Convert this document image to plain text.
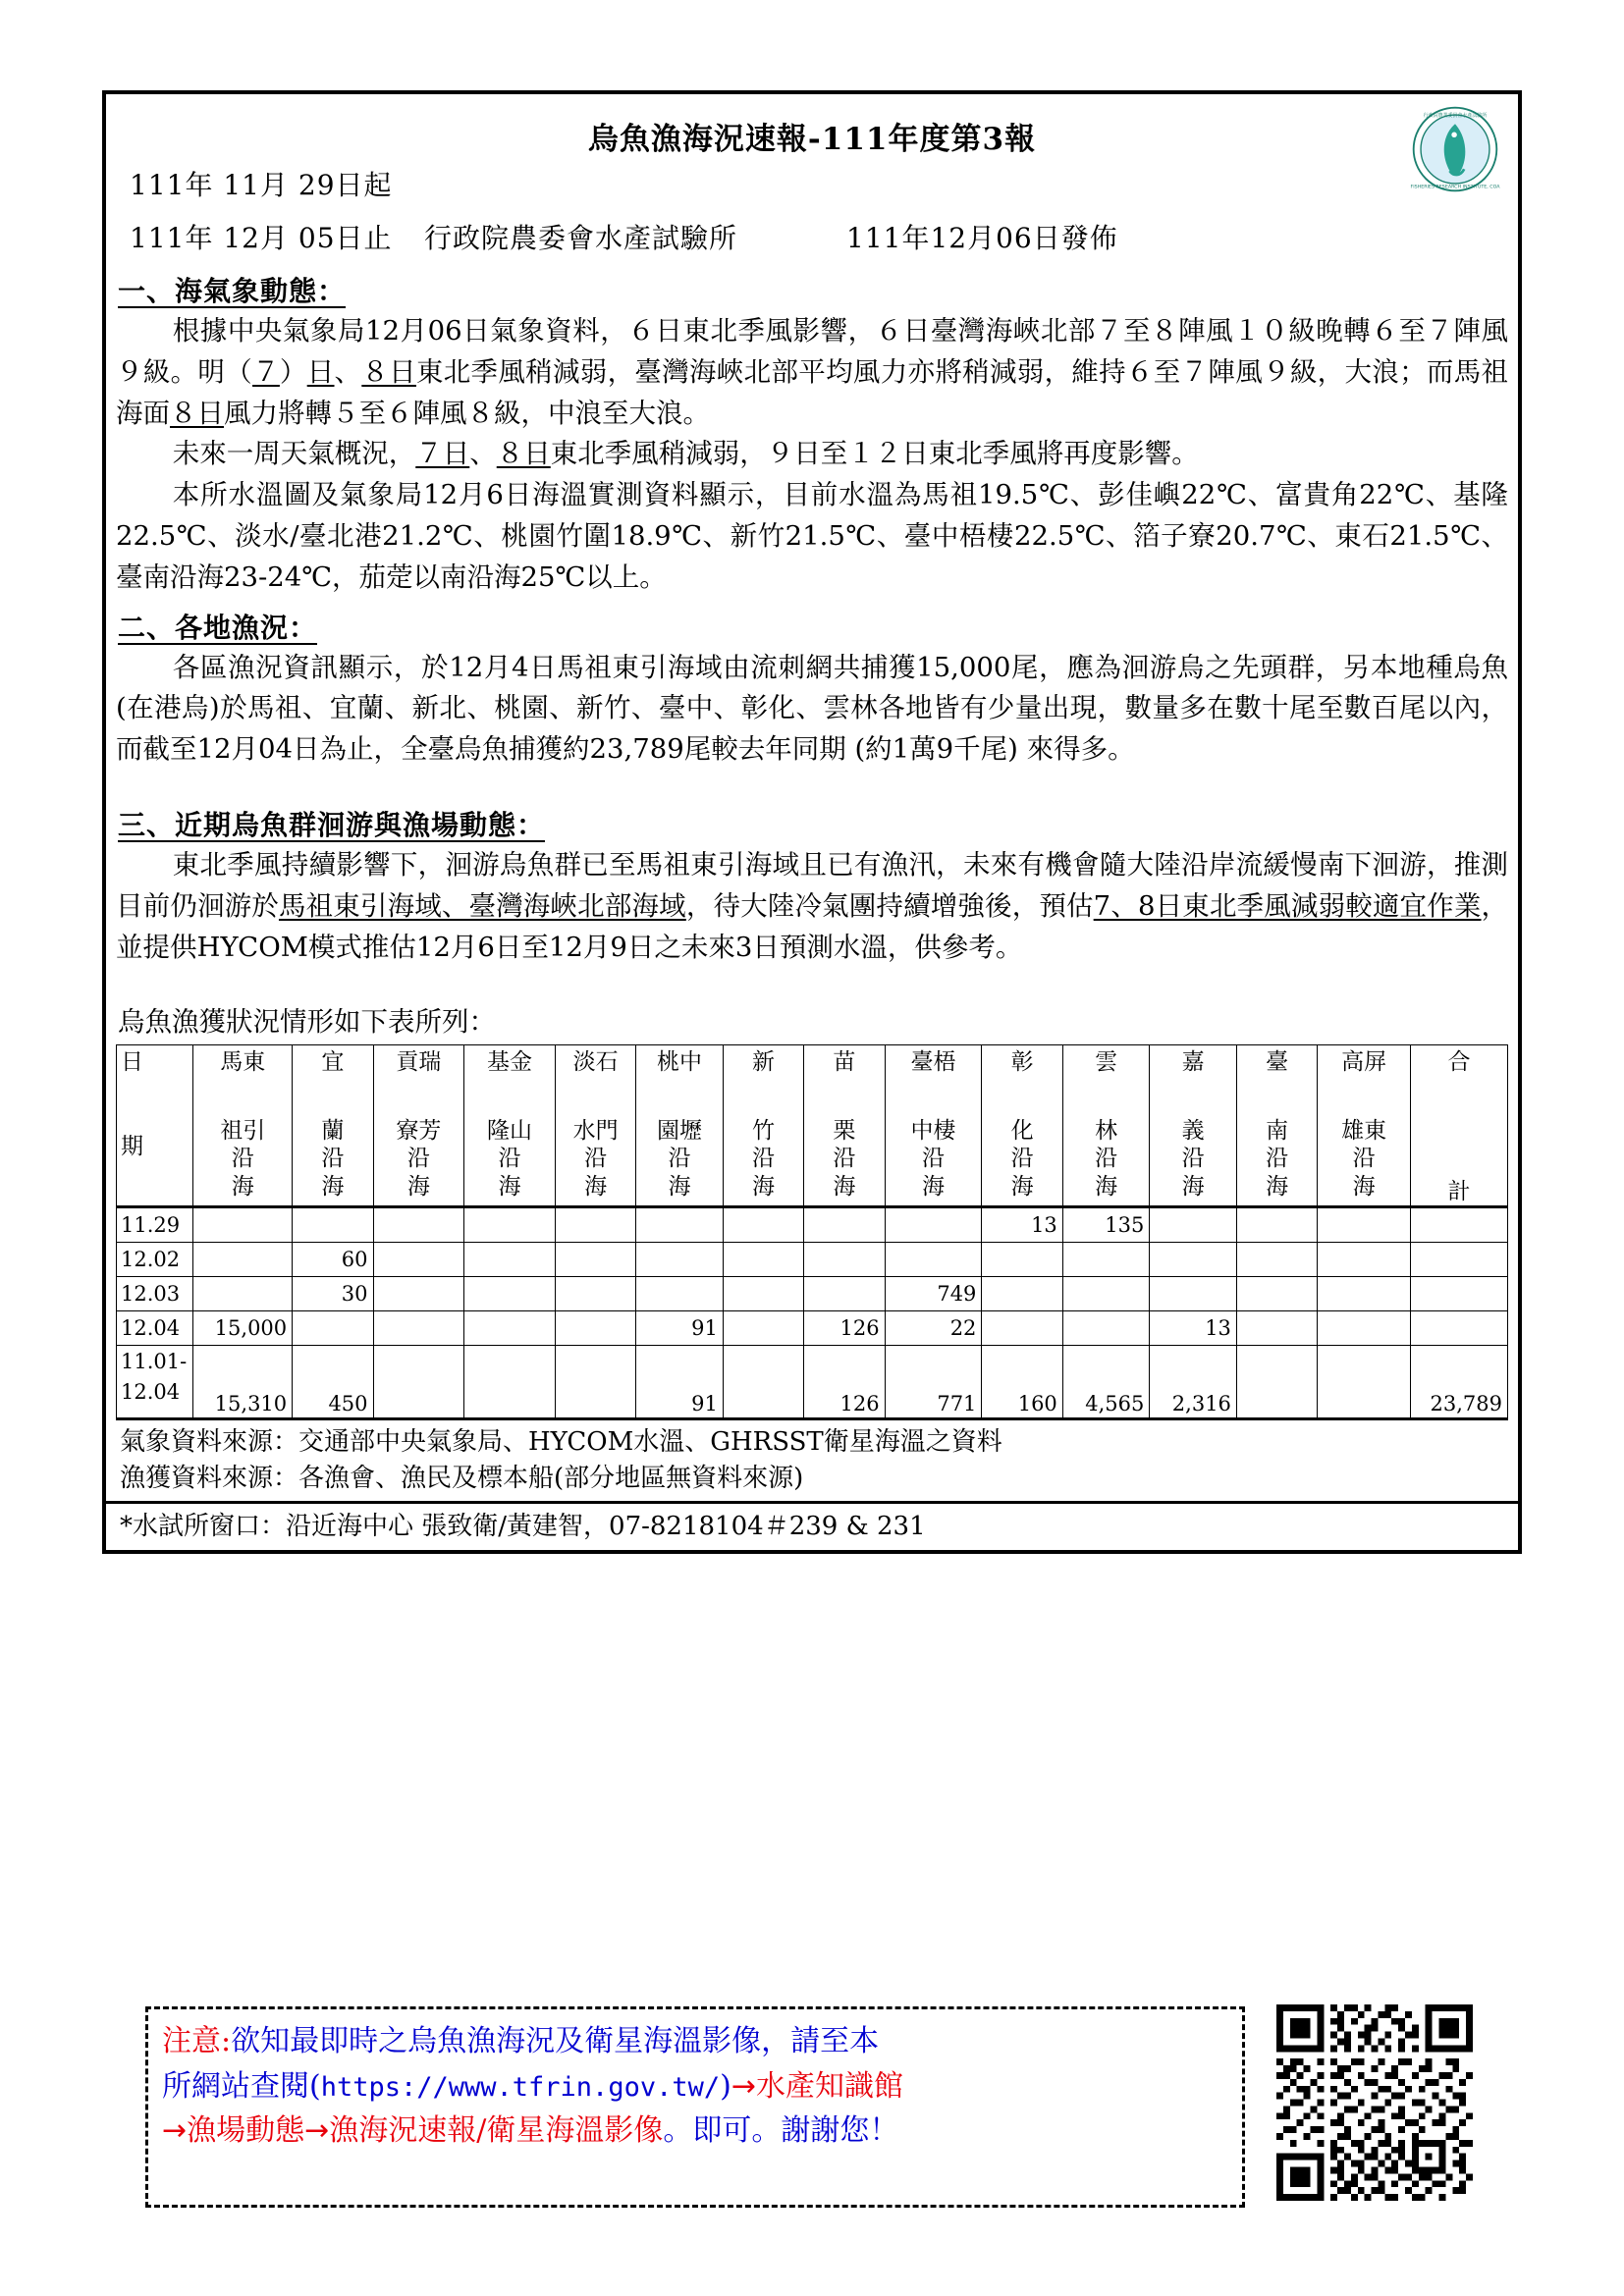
行政院農業委員會水產試驗所
FISHERIES RESEARCH INSTITUTE, COA
烏魚漁海況速報-111年度第3報
111年 11月 29日起
111年 12月 05日止	行政院農委會水產試驗所	111年12月06日發佈
一、海氣象動態：

根據中央氣象局12月06日氣象資料，６日東北季風影響，６日臺灣海峽北部７至８陣風１０級晚轉６至７陣風９級。明（７）日、８日東北季風稍減弱，臺灣海峽北部平均風力亦將稍減弱，維持６至７陣風９級，大浪；而馬祖海面８日風力將轉５至６陣風８級，中浪至大浪。

未來一周天氣概況，７日、８日東北季風稍減弱，９日至１２日東北季風將再度影響。

本所水溫圖及氣象局12月6日海溫實測資料顯示，目前水溫為馬祖19.5℃、彭佳嶼22℃、富貴角22℃、基隆22.5℃、淡水/臺北港21.2℃、桃園竹圍18.9℃、新竹21.5℃、臺中梧棲22.5℃、箔子寮20.7℃、東石21.5℃、臺南沿海23-24℃，茄萣以南沿海25℃以上。

二、各地漁況：

各區漁況資訊顯示，於12月4日馬祖東引海域由流刺網共捕獲15,000尾，應為洄游烏之先頭群，另本地種烏魚(在港烏)於馬祖、宜蘭、新北、桃園、新竹、臺中、彰化、雲林各地皆有少量出現，數量多在數十尾至數百尾以內，而截至12月04日為止，全臺烏魚捕獲約23,789尾較去年同期 (約1萬9千尾) 來得多。

三、近期烏魚群洄游與漁場動態：

東北季風持續影響下，洄游烏魚群已至馬祖東引海域且已有漁汛，未來有機會隨大陸沿岸流緩慢南下洄游，推測目前仍洄游於馬祖東引海域、臺灣海峽北部海域，待大陸冷氣團持續增強後，預估7、8日東北季風減弱較適宜作業，並提供HYCOM模式推估12月6日至12月9日之未來3日預測水溫，供參考。

烏魚漁獲狀況情形如下表所列：
日
期	馬東
祖引
沿
海	宜
蘭
沿
海	貢瑞
寮芳
沿
海	基金
隆山
沿
海	淡石
水門
沿
海	桃中
園壢
沿
海	新
竹
沿
海	苗
栗
沿
海	臺梧
中棲
沿
海	彰
化
沿
海	雲
林
沿
海	嘉
義
沿
海	臺
南
沿
海	高屏
雄東
沿
海	合
計

11.29										13	135				
12.02		60													
12.03		30							749						
12.04	15,000					91		126	22			13			
11.01-
12.04	15,310	450				91		126	771	160	4,565	2,316			23,789
氣象資料來源：交通部中央氣象局、HYCOM水溫、GHRSST衛星海溫之資料
漁獲資料來源：各漁會、漁民及標本船(部分地區無資料來源)
*水試所窗口：沿近海中心 張致衛/黃建智，07-8218104＃239 & 231
注意:欲知最即時之烏魚漁海況及衛星海溫影像，請至本
所網站查閱(https://www.tfrin.gov.tw/)→水產知識館
→漁場動態→漁海況速報/衛星海溫影像。即可。謝謝您！
